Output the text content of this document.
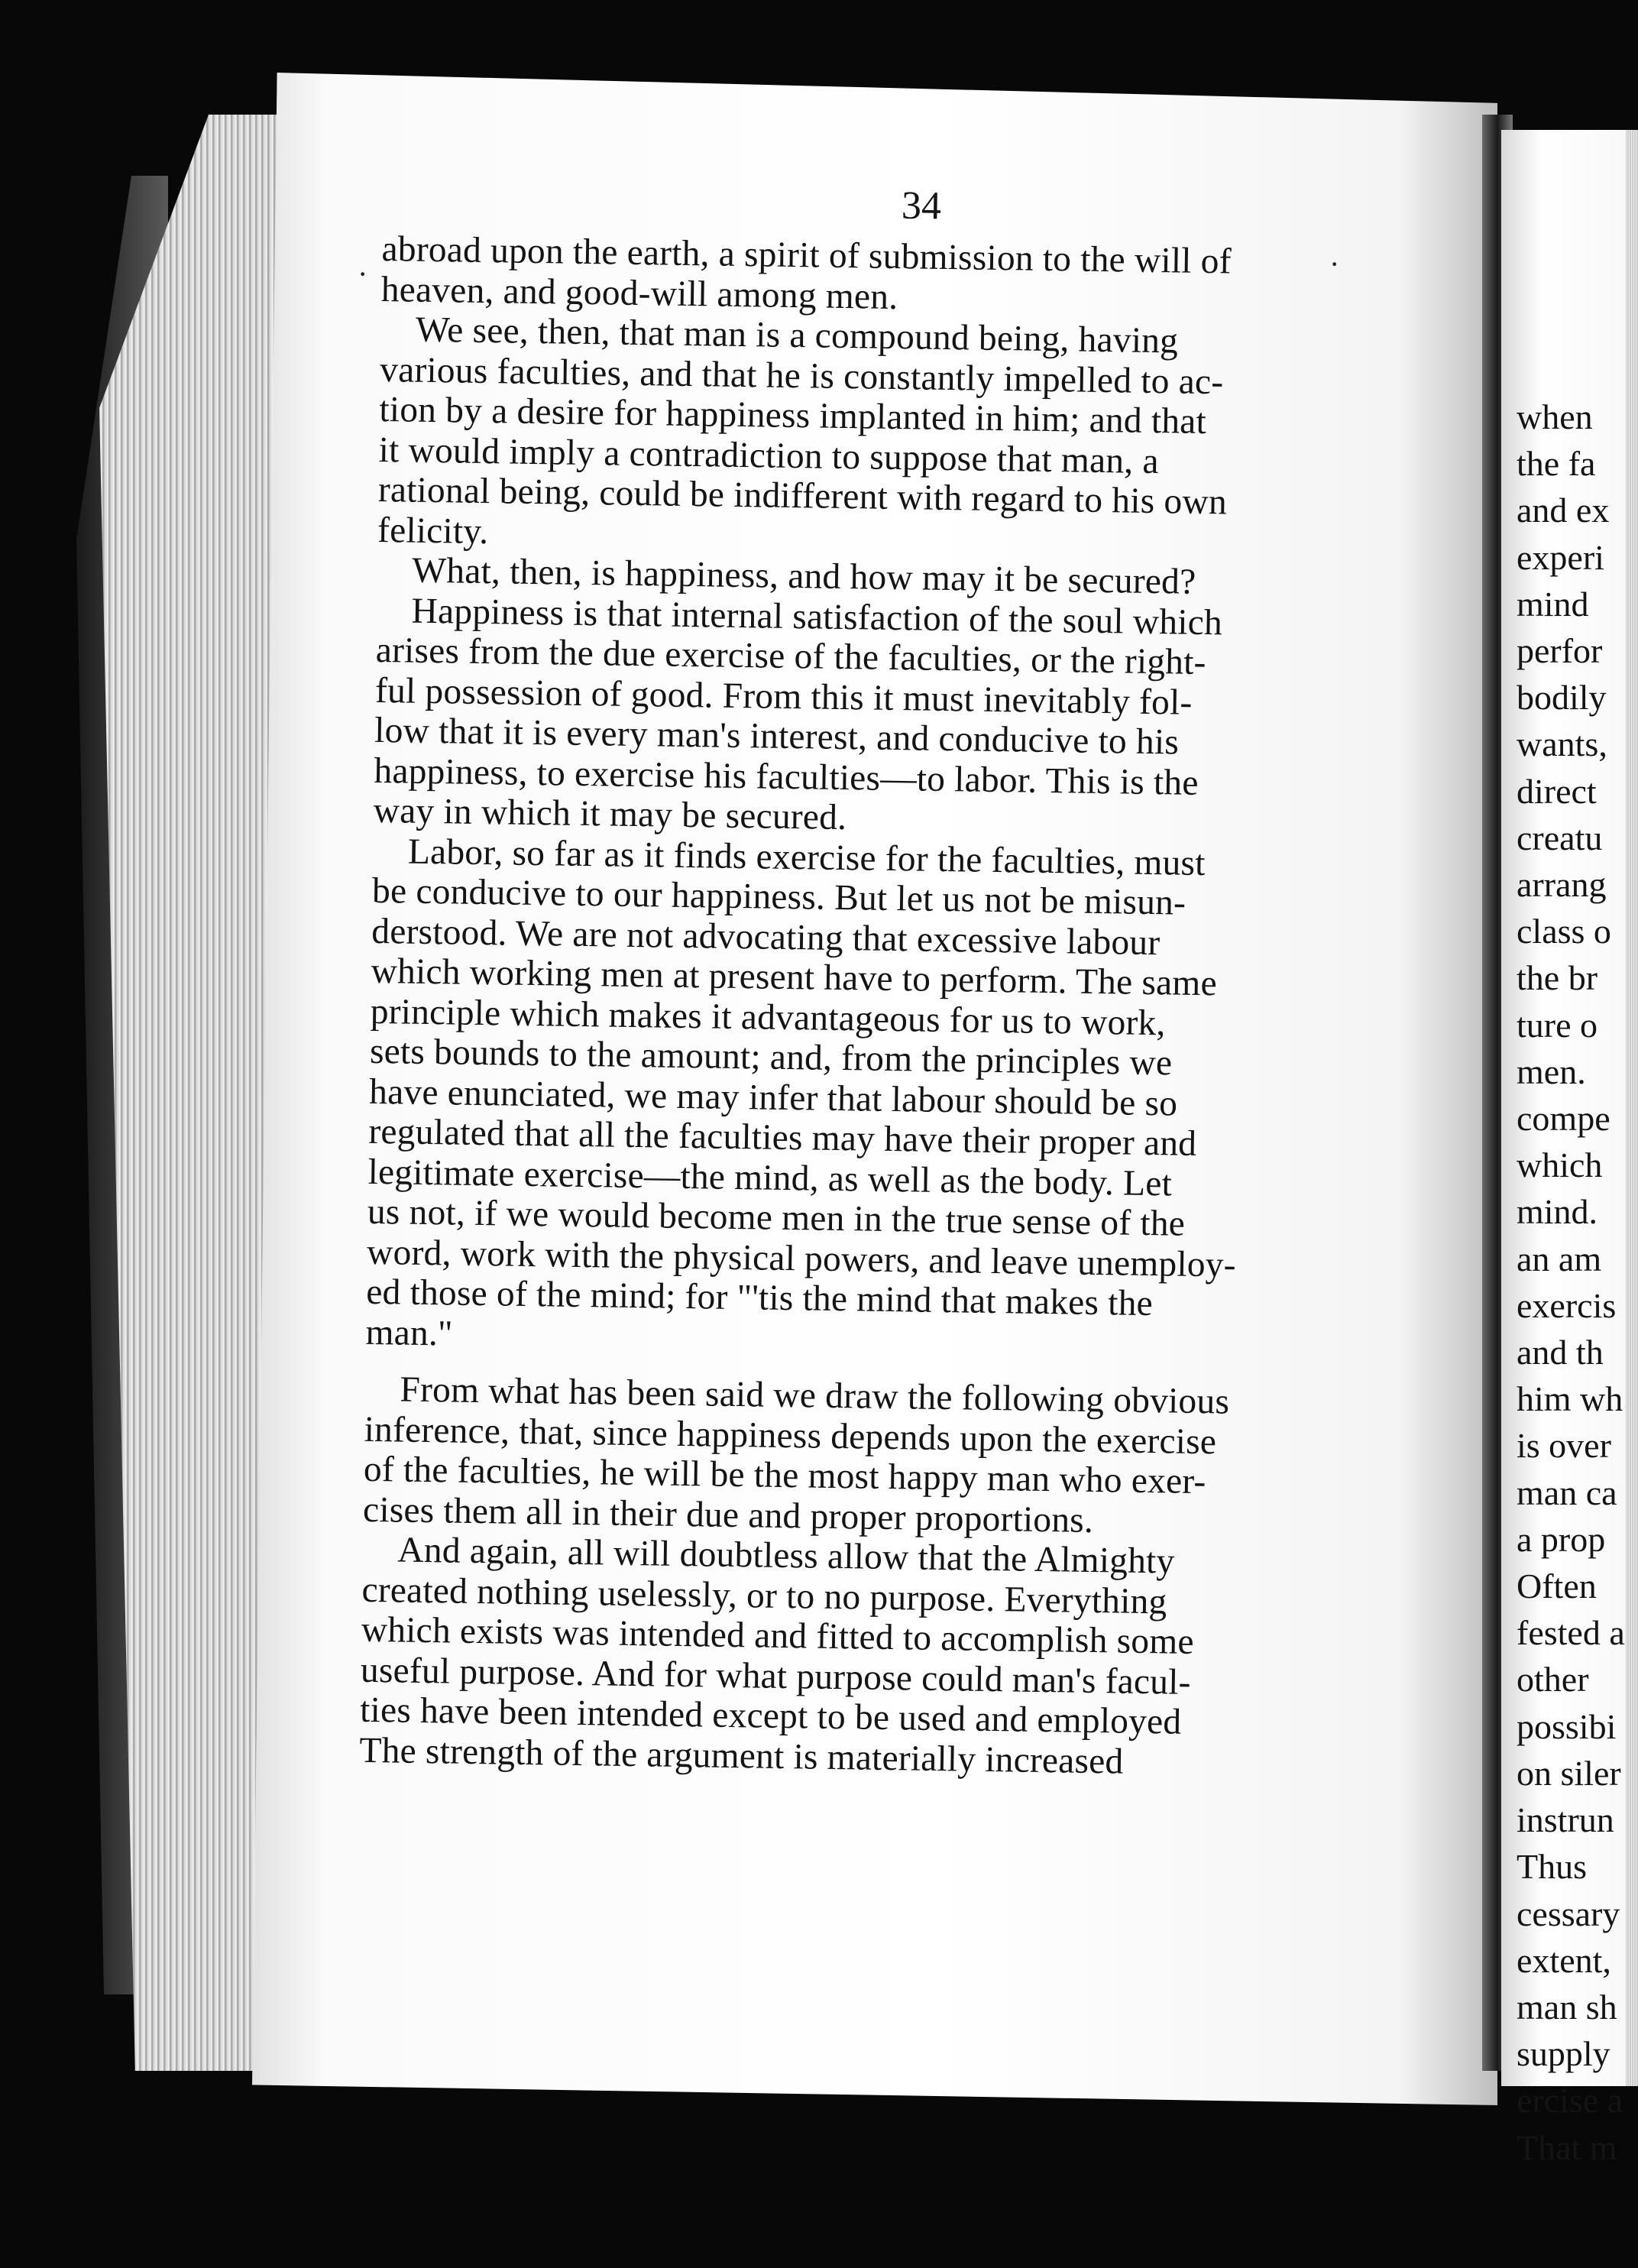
34
·
· abroad upon the earth, a spirit of submission to the will of
heaven, and good-will among men.
We see, then, that man is a compound being, having
various faculties, and that he is constantly impelled to ac-
tion by a desire for happiness implanted in him; and that
it would imply a contradiction to suppose that man, a
rational being, could be indifferent with regard to his own
felicity.
What, then, is happiness, and how may it be secured?
Happiness is that internal satisfaction of the soul which
arises from the due exercise of the faculties, or the right-
ful possession of good. From this it must inevitably fol-
low that it is every man's interest, and conducive to his
happiness, to exercise his faculties—to labor. This is the
way in which it may be secured.
Labor, so far as it finds exercise for the faculties, must
be conducive to our happiness. But let us not be misun-
derstood. We are not advocating that excessive labour
which working men at present have to perform. The same
principle which makes it advantageous for us to work,
sets bounds to the amount; and, from the principles we
have enunciated, we may infer that labour should be so
regulated that all the faculties may have their proper and
legitimate exercise—the mind, as well as the body. Let
us not, if we would become men in the true sense of the
word, work with the physical powers, and leave unemploy-
ed those of the mind; for "'tis the mind that makes the
man."
From what has been said we draw the following obvious
inference, that, since happiness depends upon the exercise
of the faculties, he will be the most happy man who exer-
cises them all in their due and proper proportions.
And again, all will doubtless allow that the Almighty
created nothing uselessly, or to no purpose. Everything
which exists was intended and fitted to accomplish some
useful purpose. And for what purpose could man's facul-
ties have been intended except to be used and employed
The strength of the argument is materially increased
when
the fa
and ex
experi
mind
perfor
bodily
wants,
direct
creatu
arrang
class o
the br
ture o
men.
compe
which
mind.
an am
exercis
and th
him wh
is over
man ca
a prop
Often
fested a
other
possibi
on siler
instrun
Thus
cessary
extent,
man sh
supply
ercise a
That m
